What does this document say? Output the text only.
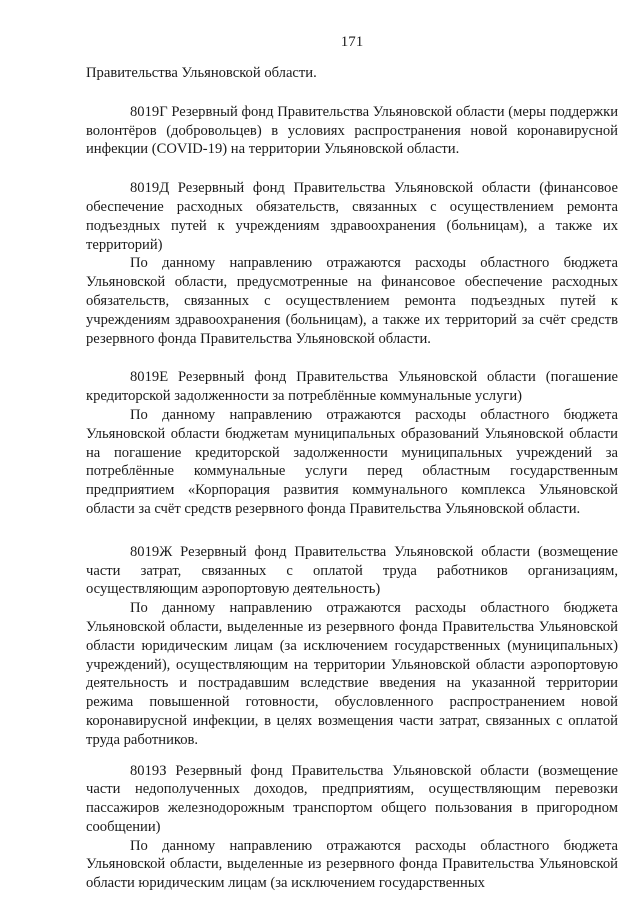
171

Правительства Ульяновской области.

8019Г Резервный фонд Правительства Ульяновской области (меры поддержки волонтёров (добровольцев) в условиях распространения новой коронавирусной инфекции (COVID-19) на территории Ульяновской области.

8019Д Резервный фонд Правительства Ульяновской области (финансовое обеспечение расходных обязательств, связанных с осуществлением ремонта подъездных путей к учреждениям здравоохранения (больницам), а также их территорий)

По данному направлению отражаются расходы областного бюджета Ульяновской области, предусмотренные на финансовое обеспечение расходных обязательств, связанных с осуществлением ремонта подъездных путей к учреждениям здравоохранения (больницам), а также их территорий за счёт средств резервного фонда Правительства Ульяновской области.

8019Е Резервный фонд Правительства Ульяновской области (погашение кредиторской задолженности за потреблённые коммунальные услуги)

По данному направлению отражаются расходы областного бюджета Ульяновской области бюджетам муниципальных образований Ульяновской области на погашение кредиторской задолженности муниципальных учреждений за потреблённые коммунальные услуги перед областным государственным предприятием «Корпорация развития коммунального комплекса Ульяновской области за счёт средств резервного фонда Правительства Ульяновской области.

8019Ж Резервный фонд Правительства Ульяновской области (возмещение части затрат, связанных с оплатой труда работников организациям, осуществляющим аэропортовую деятельность)

По данному направлению отражаются расходы областного бюджета Ульяновской области, выделенные из резервного фонда Правительства Ульяновской области юридическим лицам (за исключением государственных (муниципальных) учреждений), осуществляющим на территории Ульяновской области аэропортовую деятельность и пострадавшим вследствие введения на указанной территории режима повышенной готовности, обусловленного распространением новой коронавирусной инфекции, в целях возмещения части затрат, связанных с оплатой труда работников.

8019З Резервный фонд Правительства Ульяновской области (возмещение части недополученных доходов, предприятиям, осуществляющим перевозки пассажиров железнодорожным транспортом общего пользования в пригородном сообщении)

По данному направлению отражаются расходы областного бюджета Ульяновской области, выделенные из резервного фонда Правительства Ульяновской области юридическим лицам (за исключением государственных
